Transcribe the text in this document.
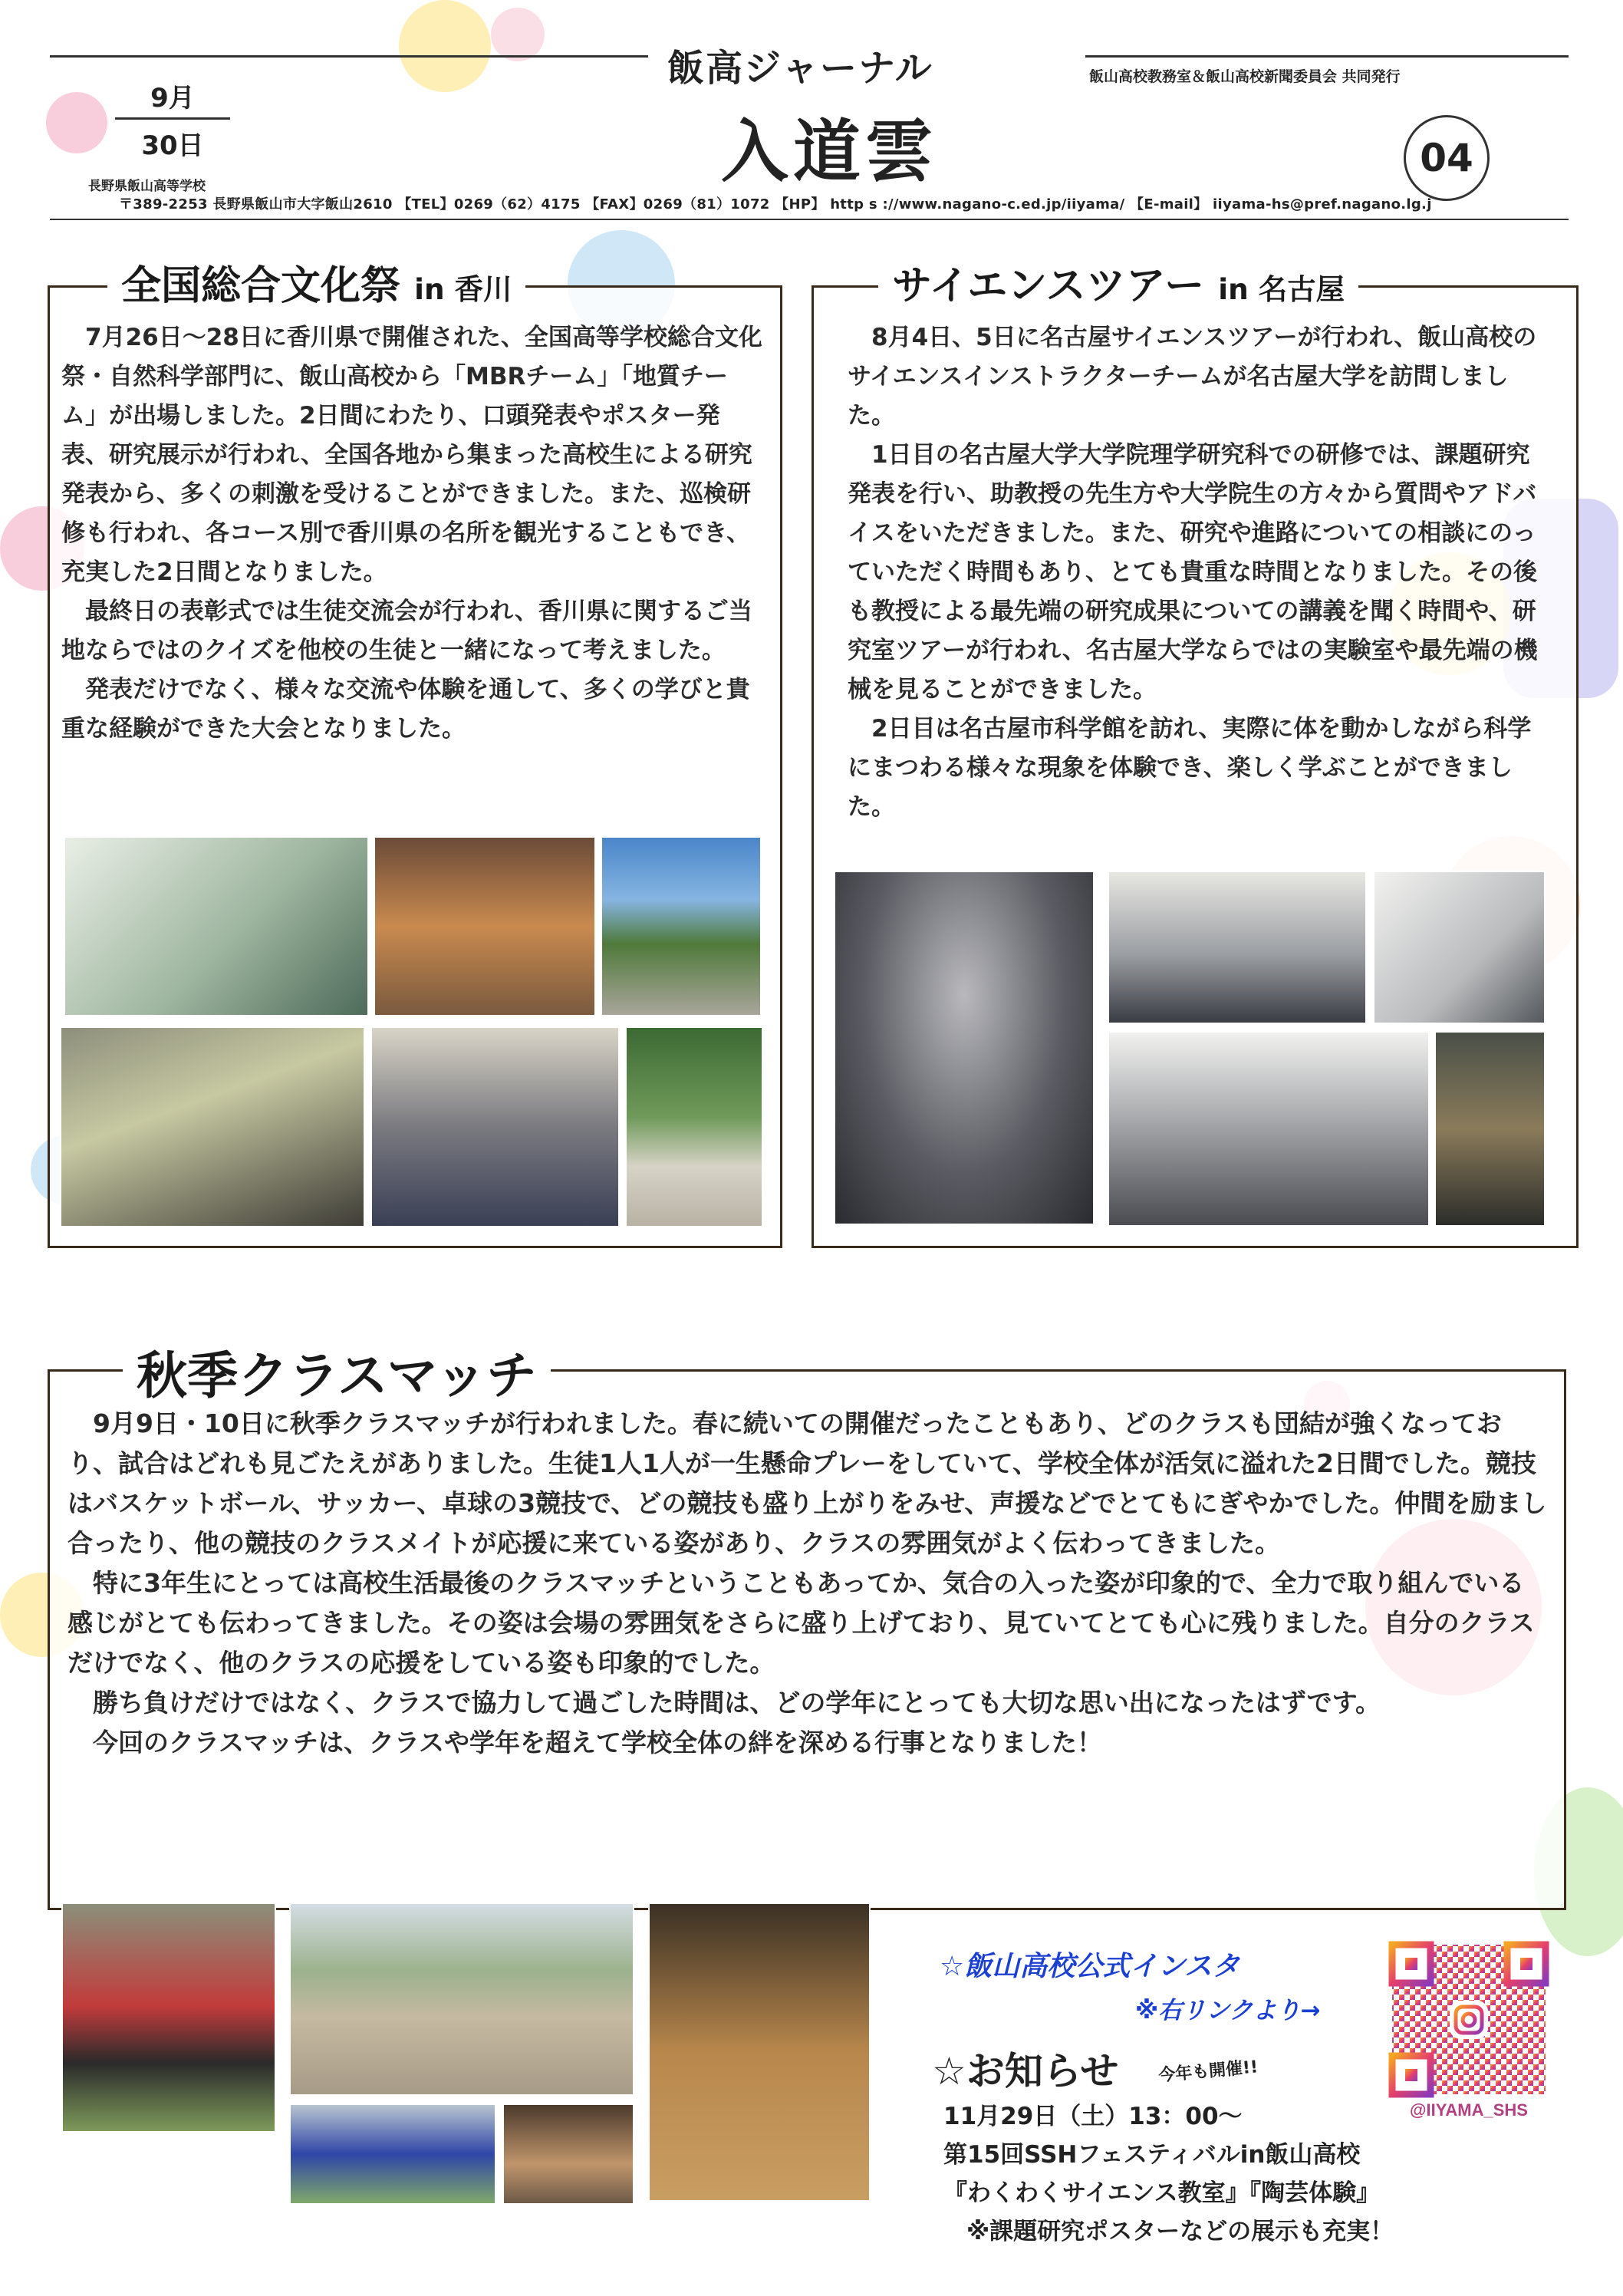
飯高ジャーナル
入道雲
9月
30日
長野県飯山高等学校
〒389-2253 長野県飯山市大字飯山2610 【TEL】0269（62）4175 【FAX】0269（81）1072 【HP】 http s ://www.nagano-c.ed.jp/iiyama/ 【E-mail】 iiyama-hs@pref.nagano.lg.j
飯山高校教務室＆飯山高校新聞委員会 共同発行
04
全国総合文化祭 in 香川

7月26日～28日に香川県で開催された、全国高等学校総合文化祭・自然科学部門に、飯山高校から「MBRチーム」「地質チーム」が出場しました。2日間にわたり、口頭発表やポスター発表、研究展示が行われ、全国各地から集まった高校生による研究発表から、多くの刺激を受けることができました。また、巡検研修も行われ、各コース別で香川県の名所を観光することもでき、充実した2日間となりました。

最終日の表彰式では生徒交流会が行われ、香川県に関するご当地ならではのクイズを他校の生徒と一緒になって考えました。

発表だけでなく、様々な交流や体験を通して、多くの学びと貴重な経験ができた大会となりました。

サイエンスツアー in 名古屋

8月4日、5日に名古屋サイエンスツアーが行われ、飯山高校のサイエンスインストラクターチームが名古屋大学を訪問しました。

1日目の名古屋大学大学院理学研究科での研修では、課題研究発表を行い、助教授の先生方や大学院生の方々から質問やアドバイスをいただきました。また、研究や進路についての相談にのっていただく時間もあり、とても貴重な時間となりました。その後も教授による最先端の研究成果についての講義を聞く時間や、研究室ツアーが行われ、名古屋大学ならではの実験室や最先端の機械を見ることができました。

2日目は名古屋市科学館を訪れ、実際に体を動かしながら科学にまつわる様々な現象を体験でき、楽しく学ぶことができました。

秋季クラスマッチ

9月9日・10日に秋季クラスマッチが行われました。春に続いての開催だったこともあり、どのクラスも団結が強くなっており、試合はどれも見ごたえがありました。生徒1人1人が一生懸命プレーをしていて、学校全体が活気に溢れた2日間でした。競技はバスケットボール、サッカー、卓球の3競技で、どの競技も盛り上がりをみせ、声援などでとてもにぎやかでした。仲間を励まし合ったり、他の競技のクラスメイトが応援に来ている姿があり、クラスの雰囲気がよく伝わってきました。

特に3年生にとっては高校生活最後のクラスマッチということもあってか、気合の入った姿が印象的で、全力で取り組んでいる感じがとても伝わってきました。その姿は会場の雰囲気をさらに盛り上げており、見ていてとても心に残りました。自分のクラスだけでなく、他のクラスの応援をしている姿も印象的でした。

勝ち負けだけではなく、クラスで協力して過ごした時間は、どの学年にとっても大切な思い出になったはずです。

今回のクラスマッチは、クラスや学年を超えて学校全体の絆を深める行事となりました！

☆飯山高校公式インスタ
※右リンクより→
@IIYAMA_SHS
☆お知らせ 今年も開催!!
11月29日（土）13：00～
第15回SSHフェスティバルin飯山高校
『わくわくサイエンス教室』『陶芸体験』
※課題研究ポスターなどの展示も充実！
